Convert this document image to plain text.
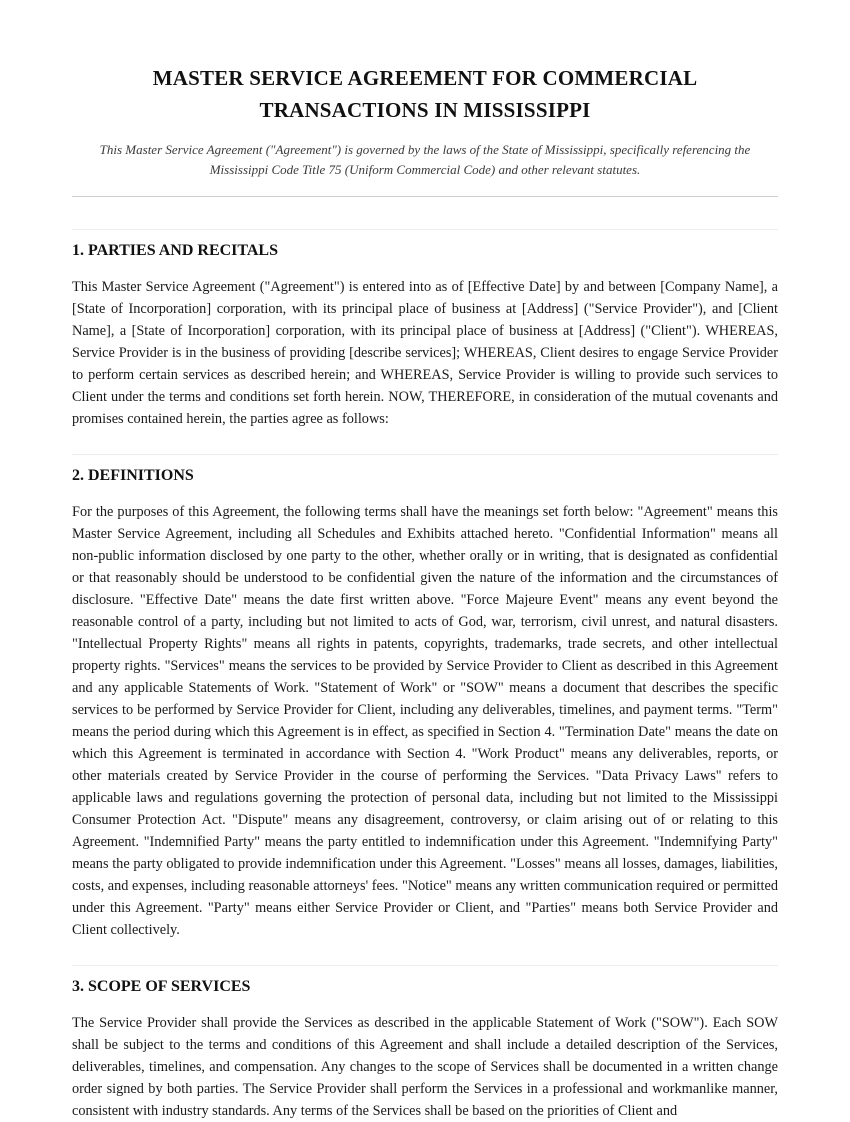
MASTER SERVICE AGREEMENT FOR COMMERCIAL TRANSACTIONS IN MISSISSIPPI
This Master Service Agreement ("Agreement") is governed by the laws of the State of Mississippi, specifically referencing the Mississippi Code Title 75 (Uniform Commercial Code) and other relevant statutes.
1. PARTIES AND RECITALS
This Master Service Agreement ("Agreement") is entered into as of [Effective Date] by and between [Company Name], a [State of Incorporation] corporation, with its principal place of business at [Address] ("Service Provider"), and [Client Name], a [State of Incorporation] corporation, with its principal place of business at [Address] ("Client"). WHEREAS, Service Provider is in the business of providing [describe services]; WHEREAS, Client desires to engage Service Provider to perform certain services as described herein; and WHEREAS, Service Provider is willing to provide such services to Client under the terms and conditions set forth herein. NOW, THEREFORE, in consideration of the mutual covenants and promises contained herein, the parties agree as follows:
2. DEFINITIONS
For the purposes of this Agreement, the following terms shall have the meanings set forth below: "Agreement" means this Master Service Agreement, including all Schedules and Exhibits attached hereto. "Confidential Information" means all non-public information disclosed by one party to the other, whether orally or in writing, that is designated as confidential or that reasonably should be understood to be confidential given the nature of the information and the circumstances of disclosure. "Effective Date" means the date first written above. "Force Majeure Event" means any event beyond the reasonable control of a party, including but not limited to acts of God, war, terrorism, civil unrest, and natural disasters. "Intellectual Property Rights" means all rights in patents, copyrights, trademarks, trade secrets, and other intellectual property rights. "Services" means the services to be provided by Service Provider to Client as described in this Agreement and any applicable Statements of Work. "Statement of Work" or "SOW" means a document that describes the specific services to be performed by Service Provider for Client, including any deliverables, timelines, and payment terms. "Term" means the period during which this Agreement is in effect, as specified in Section 4. "Termination Date" means the date on which this Agreement is terminated in accordance with Section 4. "Work Product" means any deliverables, reports, or other materials created by Service Provider in the course of performing the Services. "Data Privacy Laws" refers to applicable laws and regulations governing the protection of personal data, including but not limited to the Mississippi Consumer Protection Act. "Dispute" means any disagreement, controversy, or claim arising out of or relating to this Agreement. "Indemnified Party" means the party entitled to indemnification under this Agreement. "Indemnifying Party" means the party obligated to provide indemnification under this Agreement. "Losses" means all losses, damages, liabilities, costs, and expenses, including reasonable attorneys' fees. "Notice" means any written communication required or permitted under this Agreement. "Party" means either Service Provider or Client, and "Parties" means both Service Provider and Client collectively.
3. SCOPE OF SERVICES
The Service Provider shall provide the Services as described in the applicable Statement of Work ("SOW"). Each SOW shall be subject to the terms and conditions of this Agreement and shall include a detailed description of the Services, deliverables, timelines, and compensation. Any changes to the scope of Services shall be documented in a written change order signed by both parties. The Service Provider shall perform the Services in a professional and workmanlike manner, consistent with industry standards. Any terms of the Services shall be based on the priorities of Client and
